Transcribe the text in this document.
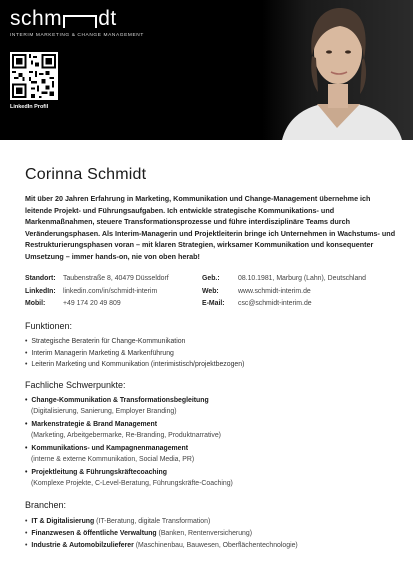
schm dt
INTERIM MARKETING & CHANGE MANAGEMENT
LinkedIn Profil
Corinna Schmidt
Mit über 20 Jahren Erfahrung in Marketing, Kommunikation und Change-Management übernehme ich leitende Projekt- und Führungsaufgaben. Ich entwickle strategische Kommunikations- und Markenmaßnahmen, steuere Transformationsprozesse und führe interdisziplinäre Teams durch Veränderungsphasen. Als Interim-Managerin und Projektleiterin bringe ich Unternehmen in Wachstums- und Restrukturierungsphasen voran – mit klaren Strategien, wirksamer Kommunikation und konsequenter Umsetzung – immer hands-on, nie von oben herab!
Standort:	Taubenstraße 8, 40479 Düsseldorf	Geb.:	08.10.1981, Marburg (Lahn), Deutschland
LinkedIn:	linkedin.com/in/schmidt-interim	Web:	www.schmidt-interim.de
Mobil:	+49 174 20 49 809	E-Mail:	csc@schmidt-interim.de
Funktionen:
• Strategische Beraterin für Change-Kommunikation
• Interim Managerin Marketing & Markenführung
• Leiterin Marketing und Kommunikation (interimistisch/projektbezogen)
Fachliche Schwerpunkte:
• Change-Kommunikation & Transformationsbegleitung
(Digitalisierung, Sanierung, Employer Branding)
• Markenstrategie & Brand Management
(Marketing, Arbeitgebermarke, Re-Branding, Produktnarrative)
• Kommunikations- und Kampagnenmanagement
(interne & externe Kommunikation, Social Media, PR)
• Projektleitung & Führungskräftecoaching
(Komplexe Projekte, C-Level-Beratung, Führungskräfte-Coaching)
Branchen:
• IT & Digitalisierung (IT-Beratung, digitale Transformation)
• Finanzwesen & öffentliche Verwaltung (Banken, Rentenversicherung)
• Industrie & Automobilzulieferer (Maschinenbau, Bauwesen, Oberflächentechnologie)
